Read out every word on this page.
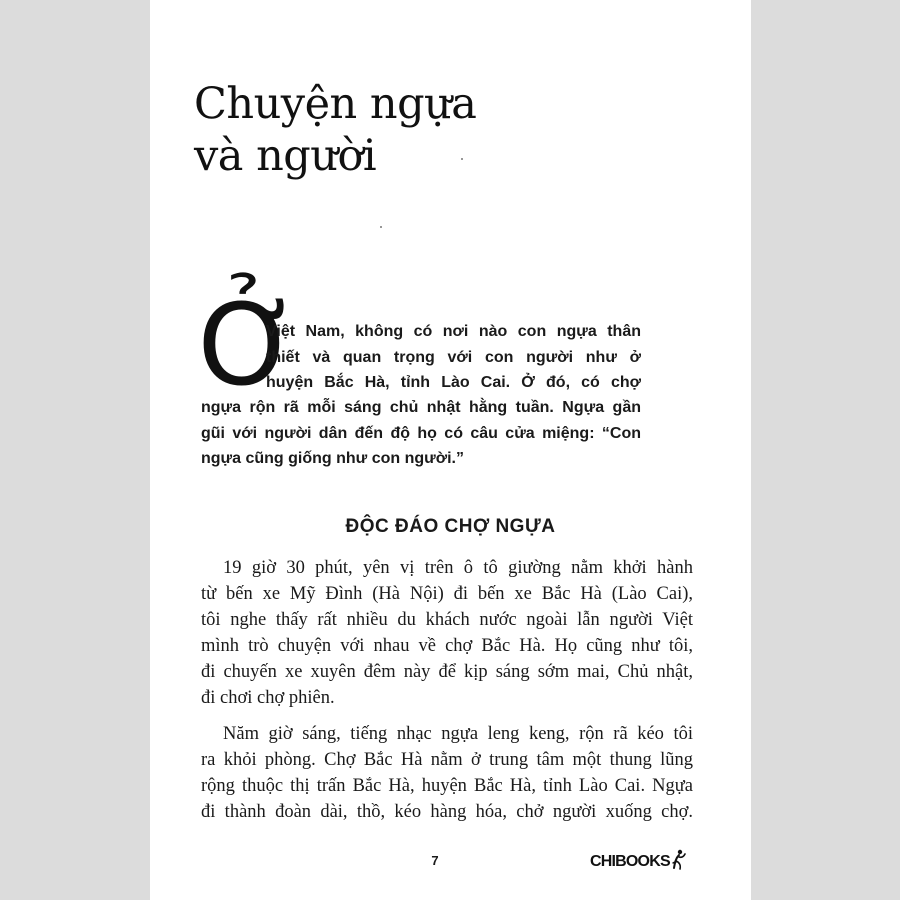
Chuyện ngựa
và người
Ở
Việt Nam, không có nơi nào con ngựa thân
thiết và quan trọng với con người như ở
huyện Bắc Hà, tỉnh Lào Cai. Ở đó, có chợ
ngựa rộn rã mỗi sáng chủ nhật hằng tuần. Ngựa gần
gũi với người dân đến độ họ có câu cửa miệng: “Con
ngựa cũng giống như con người.”
ĐỘC ĐÁO CHỢ NGỰA
19 giờ 30 phút, yên vị trên ô tô giường nằm khởi hành
từ bến xe Mỹ Đình (Hà Nội) đi bến xe Bắc Hà (Lào Cai),
tôi nghe thấy rất nhiều du khách nước ngoài lẫn người Việt
mình trò chuyện với nhau về chợ Bắc Hà. Họ cũng như tôi,
đi chuyến xe xuyên đêm này để kịp sáng sớm mai, Chủ nhật,
đi chơi chợ phiên.
Năm giờ sáng, tiếng nhạc ngựa leng keng, rộn rã kéo tôi
ra khỏi phòng. Chợ Bắc Hà nằm ở trung tâm một thung lũng
rộng thuộc thị trấn Bắc Hà, huyện Bắc Hà, tỉnh Lào Cai. Ngựa
đi thành đoàn dài, thồ, kéo hàng hóa, chở người xuống chợ.
7	CHIBOOKS
